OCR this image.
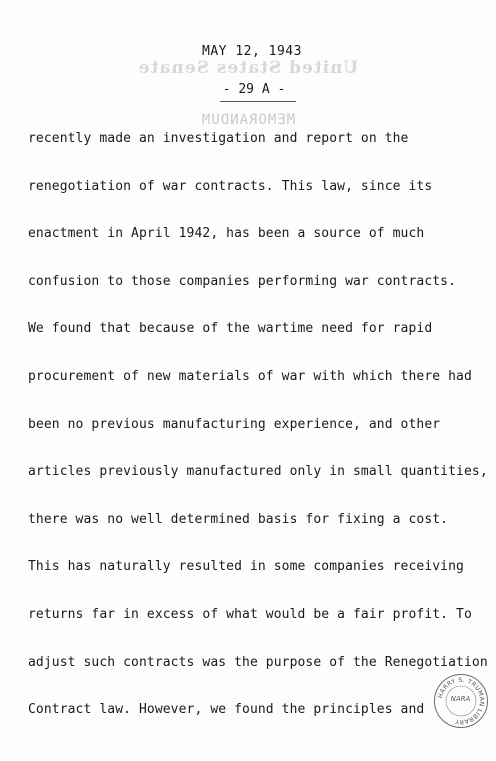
MAY 12, 1943
United States Senate
- 29 A -
MEMORANDUM
recently made an investigation and report on the
renegotiation of war contracts. This law, since its
enactment in April 1942, has been a source of much
confusion to those companies performing war contracts.
We found that because of the wartime need for rapid
procurement of new materials of war with which there had
been no previous manufacturing experience, and other
articles previously manufactured only in small quantities,
there was no well determined basis for fixing a cost.
This has naturally resulted in some companies receiving
returns far in excess of what would be a fair profit. To
adjust such contracts was the purpose of the Renegotiation
Contract law. However, we found the principles and
HARRY S. TRUMAN LIBRARY
NARA
